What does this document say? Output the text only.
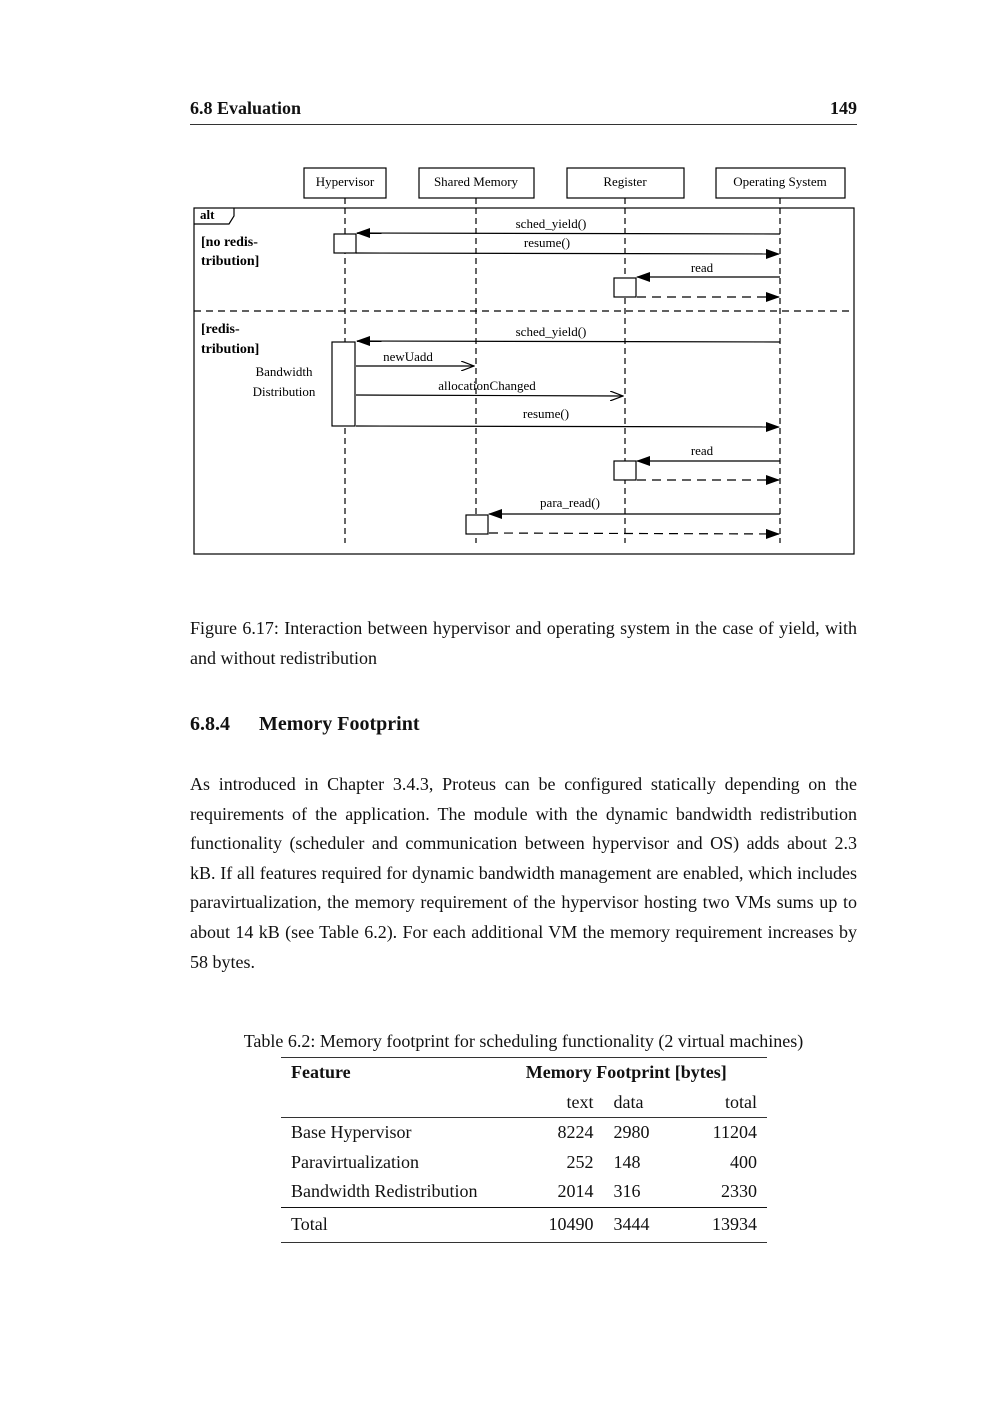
6.8 Evaluation	149
Hypervisor	Shared Memory	Register	Operating System
alt
[no redis-
tribution]
[redis-
tribution]
Bandwidth
Distribution
sched_yield()
resume()
read
sched_yield()
newUadd
allocationChanged
resume()
read
para_read()
Figure 6.17: Interaction between hypervisor and operating system in the case of yield, with and without redistribution
6.8.4 Memory Footprint
As introduced in Chapter 3.4.3, Proteus can be configured statically depending on the requirements of the application. The module with the dynamic bandwidth redistribution functionality (scheduler and communication between hypervisor and OS) adds about 2.3 kB. If all features required for dynamic bandwidth management are enabled, which includes paravirtualization, the memory requirement of the hypervisor hosting two VMs sums up to about 14 kB (see Table 6.2). For each additional VM the memory requirement increases by 58 bytes.
Table 6.2: Memory footprint for scheduling functionality (2 virtual machines)
Feature	Memory Footprint [bytes]		
	text	data	total
Base Hypervisor	8224	2980	11204
Paravirtualization	252	148	400
Bandwidth Redistribution	2014	316	2330
Total	10490	3444	13934
